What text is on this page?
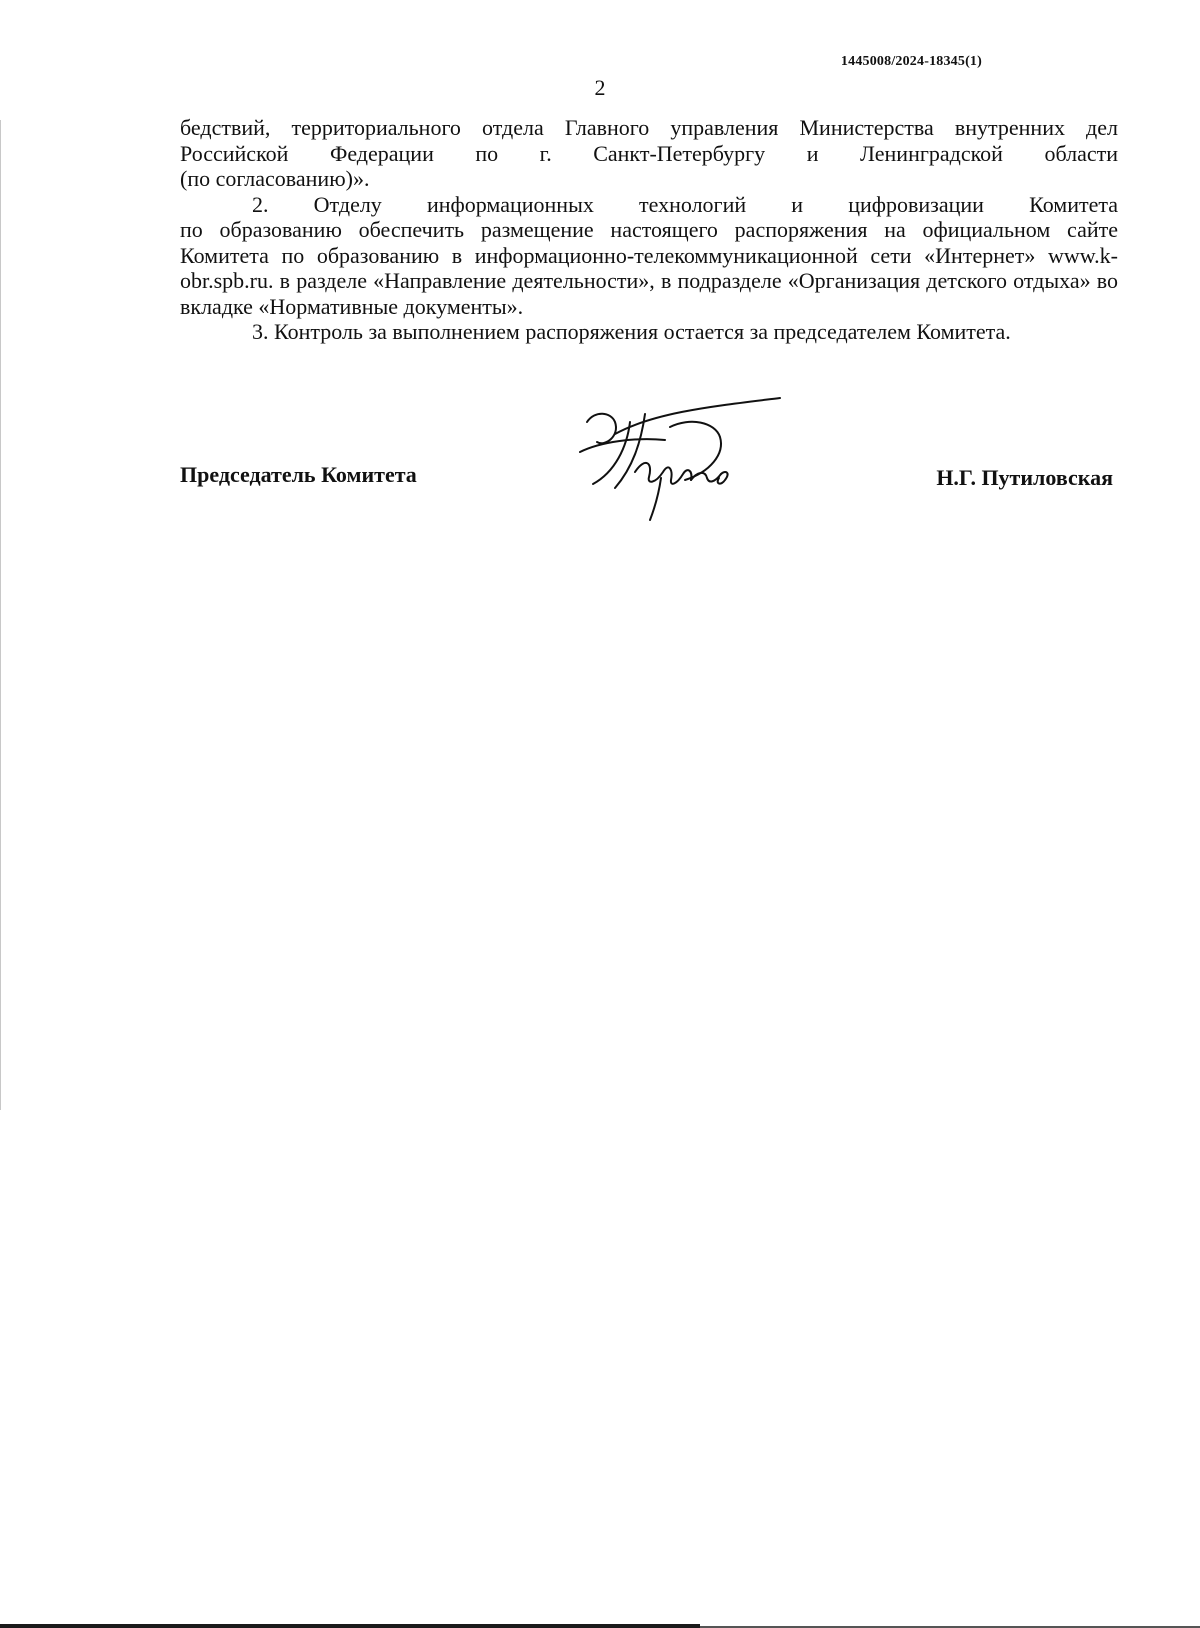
1445008/2024-18345(1)
2

бедствий, территориального отдела Главного управления Министерства внутренних дел

Российской Федерации по г. Санкт-Петербургу и Ленинградской области

(по согласованию)».

2. Отделу информационных технологий и цифровизации Комитета

по образованию обеспечить размещение настоящего распоряжения на официальном сайте Комитета по образованию в информационно-телекоммуникационной сети «Интернет» www.k-obr.spb.ru. в разделе «Направление деятельности», в подразделе «Организация детского отдыха» во вкладке «Нормативные документы».

3. Контроль за выполнением распоряжения остается за председателем Комитета.

Председатель Комитета	Н.Г. Путиловская
